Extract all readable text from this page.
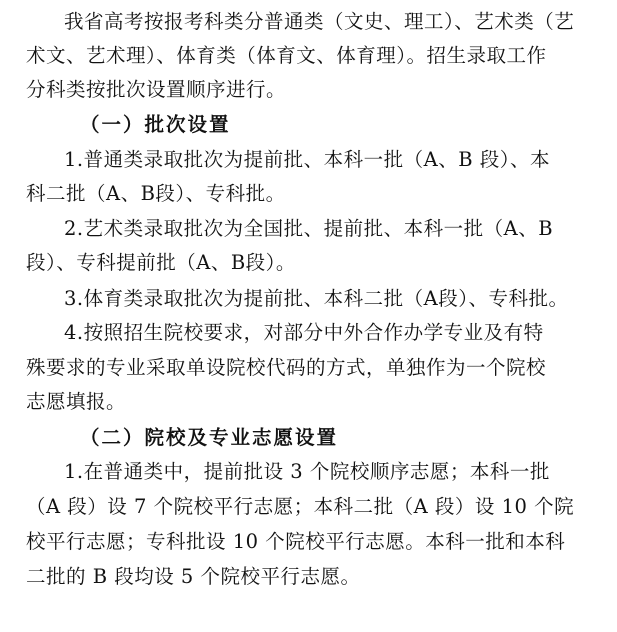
我省高考按报考科类分普通类（文史、理工）、艺术类（艺
术文、艺术理）、体育类（体育文、体育理）。招生录取工作
分科类按批次设置顺序进行。
（一）批次设置
1.普通类录取批次为提前批、本科一批（A、B 段）、本
科二批（A、B段）、专科批。
2.艺术类录取批次为全国批、提前批、本科一批（A、B
段）、专科提前批（A、B段）。
3.体育类录取批次为提前批、本科二批（A段）、专科批。
4.按照招生院校要求，对部分中外合作办学专业及有特
殊要求的专业采取单设院校代码的方式，单独作为一个院校
志愿填报。
（二）院校及专业志愿设置
1.在普通类中，提前批设 3 个院校顺序志愿；本科一批
（A 段）设 7 个院校平行志愿；本科二批（A 段）设 10 个院
校平行志愿；专科批设 10 个院校平行志愿。本科一批和本科
二批的 B 段均设 5 个院校平行志愿。
